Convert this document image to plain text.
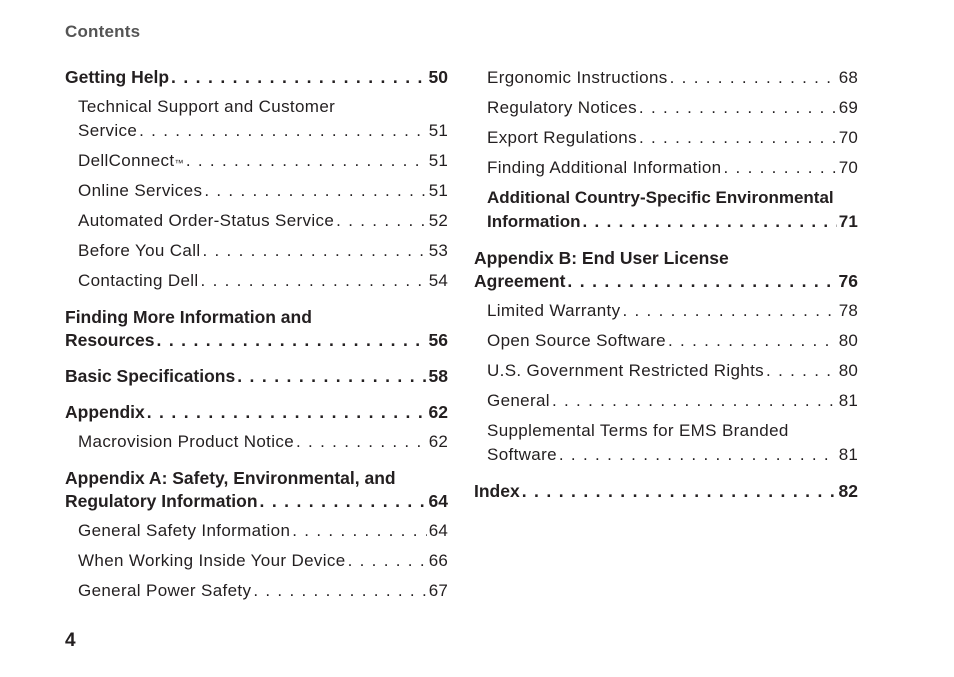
Contents
Getting Help . . .	50
Technical Support and Customer
Service . . .	51
DellConnect ™ . . .	51
Online Services . . .	51
Automated Order-Status Service . . .	52
Before You Call . . .	53
Contacting Dell . . .	54
Finding More Information and
Resources . . .	56
Basic Specifications . . .	58
Appendix . . .	62
Macrovision Product Notice . . .	62
Appendix A: Safety, Environmental, and
Regulatory Information . . .	64
General Safety Information . . .	64
When Working Inside Your Device . . .	66
General Power Safety . . .	67
Ergonomic Instructions . . .	68
Regulatory Notices . . .	69
Export Regulations . . .	70
Finding Additional Information . . .	70
Additional Country-Specific Environmental
Information . . .	71
Appendix B: End User License
Agreement . . .	76
Limited Warranty . . .	78
Open Source Software . . .	80
U.S. Government Restricted Rights . . .	80
General . . .	81
Supplemental Terms for EMS Branded
Software . . .	81
Index . . .	82
4
